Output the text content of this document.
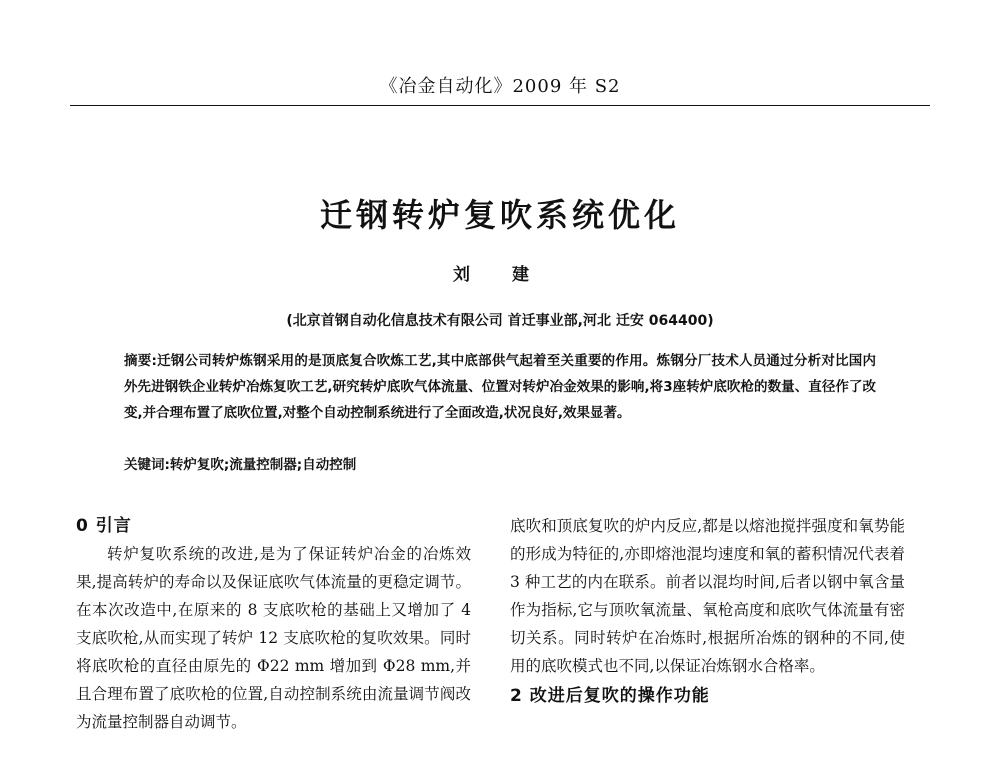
《冶金自动化》2009 年 S2
迁钢转炉复吹系统优化
刘 建
(北京首钢自动化信息技术有限公司 首迁事业部,河北 迁安 064400)
摘要:迁钢公司转炉炼钢采用的是顶底复合吹炼工艺,其中底部供气起着至关重要的作用。炼钢分厂技术人员通过分析对比国内外先进钢铁企业转炉冶炼复吹工艺,研究转炉底吹气体流量、位置对转炉冶金效果的影响,将3座转炉底吹枪的数量、直径作了改变,并合理布置了底吹位置,对整个自动控制系统进行了全面改造,状况良好,效果显著。
关键词:转炉复吹;流量控制器;自动控制
0 引言

转炉复吹系统的改进,是为了保证转炉冶金的冶炼效果,提高转炉的寿命以及保证底吹气体流量的更稳定调节。在本次改造中,在原来的 8 支底吹枪的基础上又增加了 4 支底吹枪,从而实现了转炉 12 支底吹枪的复吹效果。同时将底吹枪的直径由原先的 Φ22 mm 增加到 Φ28 mm,并且合理布置了底吹枪的位置,自动控制系统由流量调节阀改为流量控制器自动调节。

底吹和顶底复吹的炉内反应,都是以熔池搅拌强度和氧势能的形成为特征的,亦即熔池混均速度和氧的蓄积情况代表着 3 种工艺的内在联系。前者以混均时间,后者以钢中氧含量作为指标,它与顶吹氧流量、氧枪高度和底吹气体流量有密切关系。同时转炉在冶炼时,根据所冶炼的钢种的不同,使用的底吹模式也不同,以保证冶炼钢水合格率。

2 改进后复吹的操作功能
